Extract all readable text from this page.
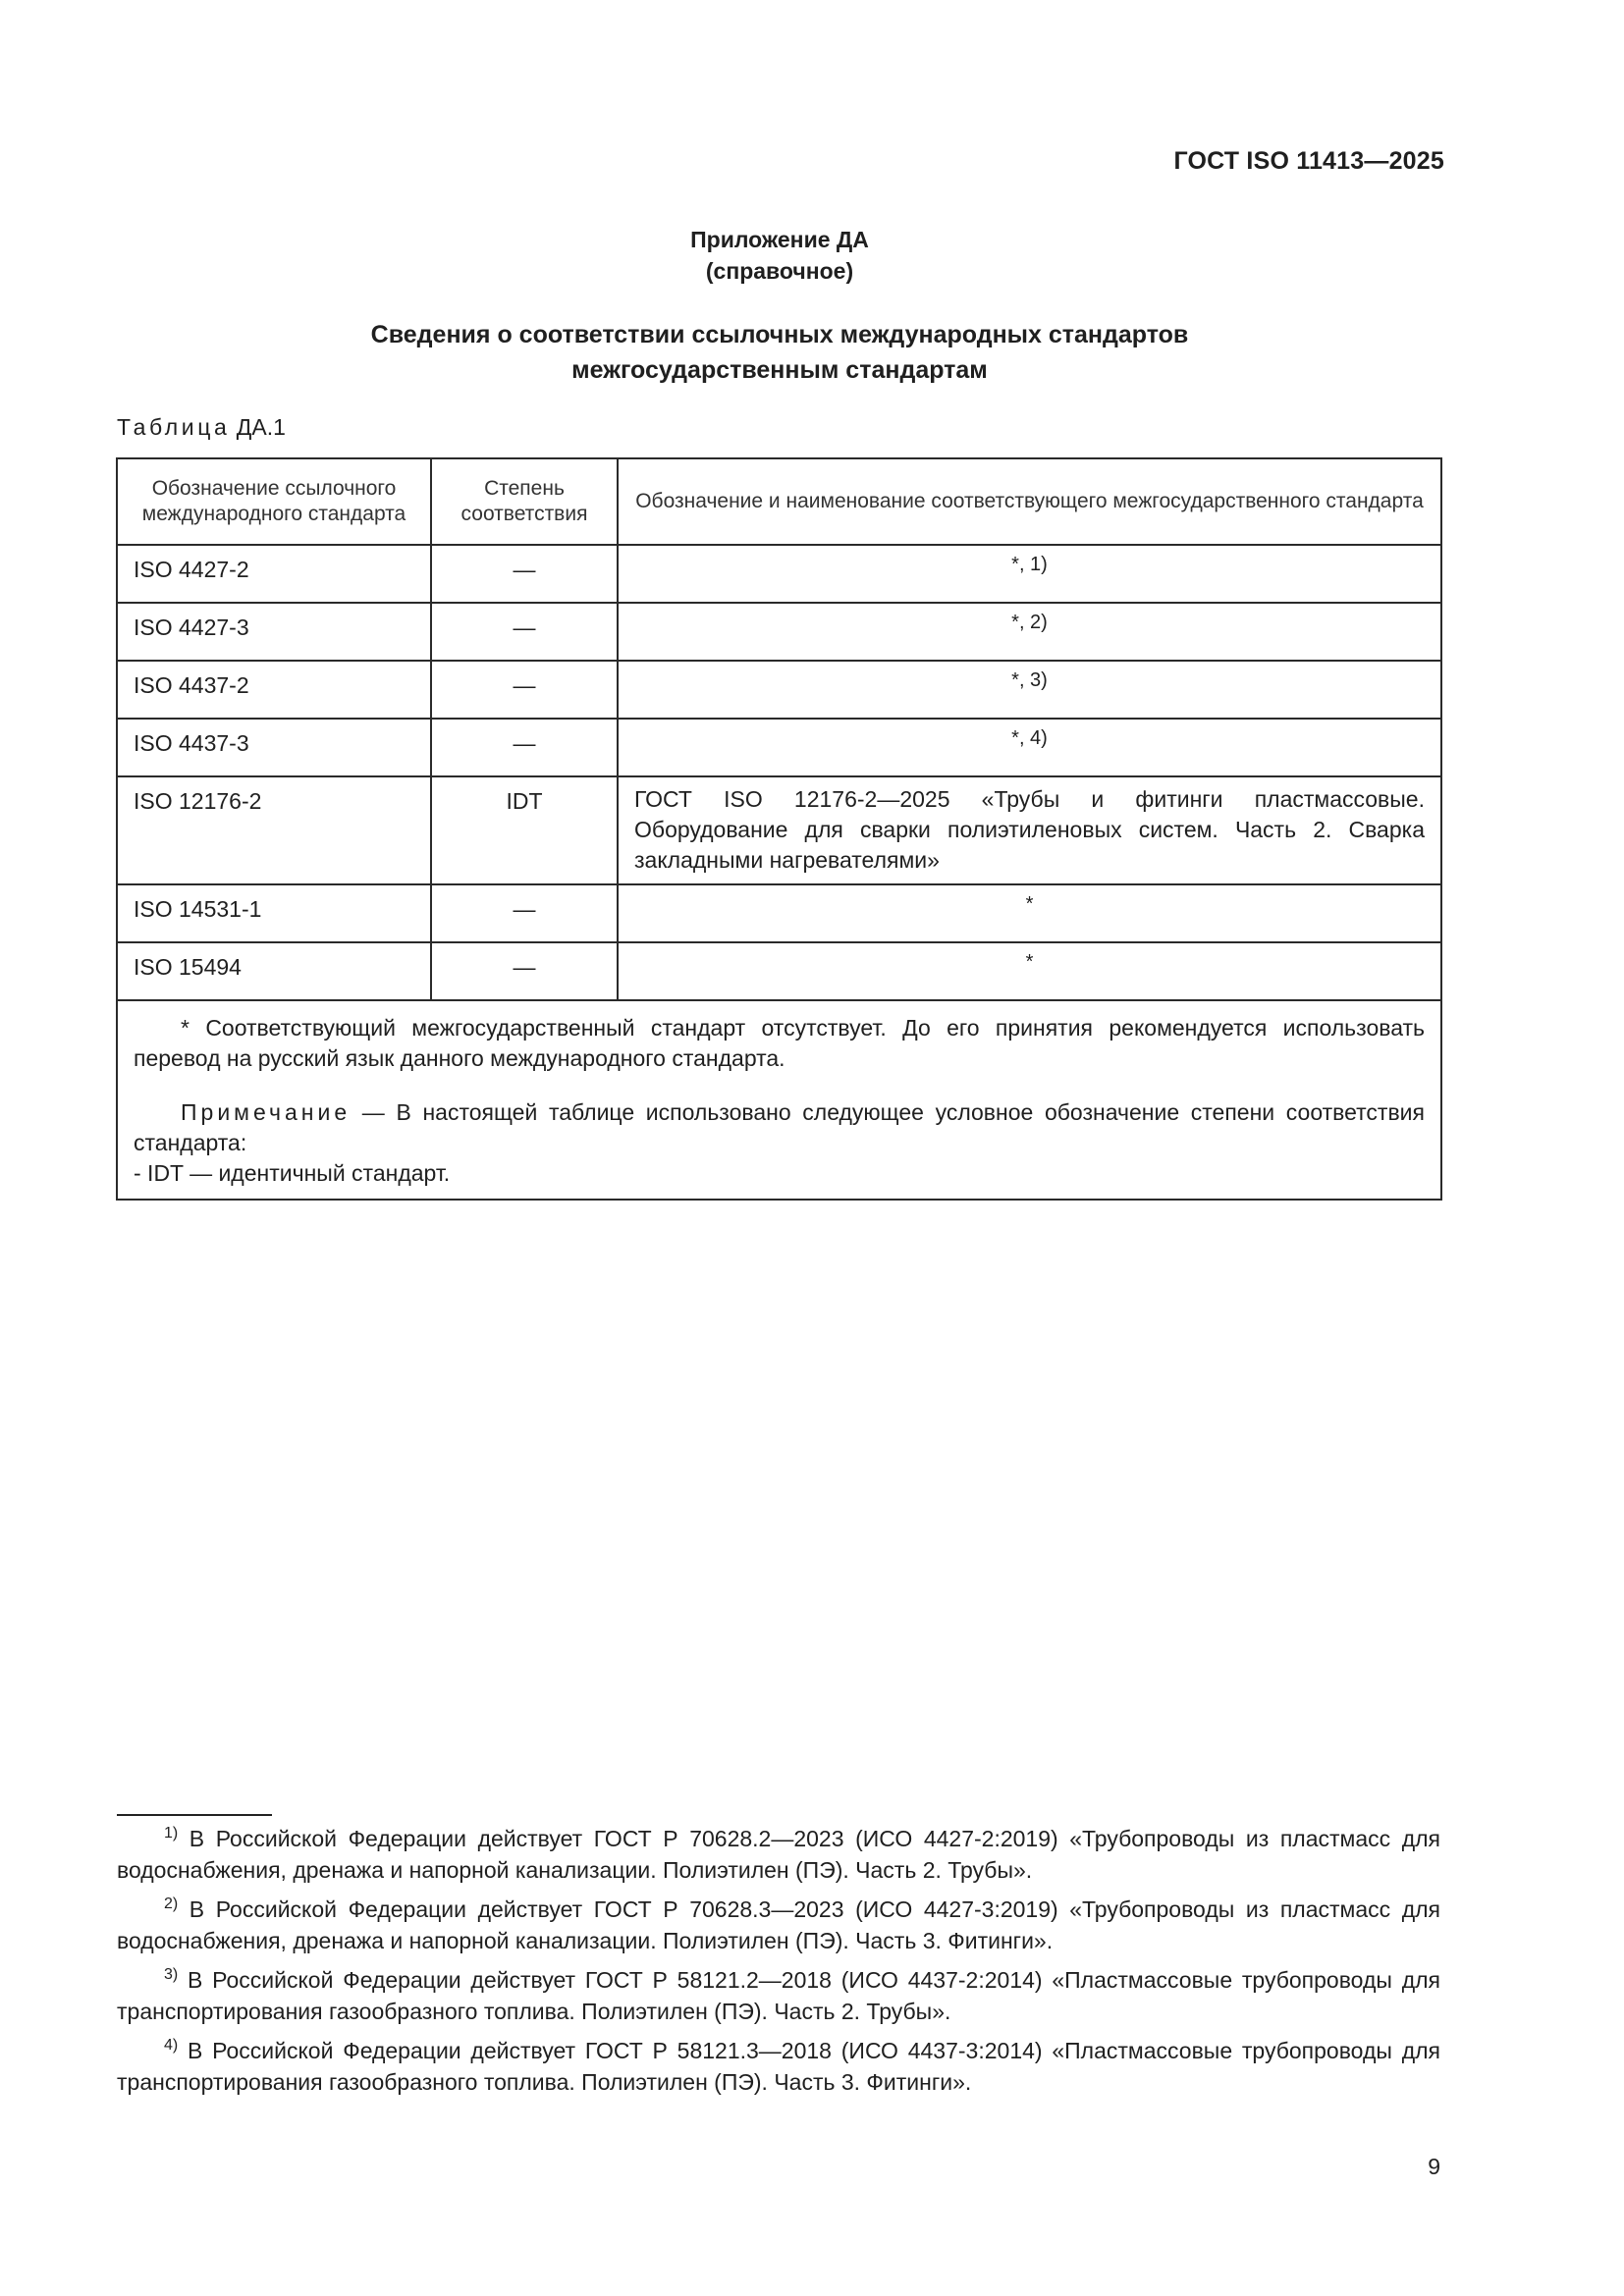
ГОСТ ISO 11413—2025
Приложение ДА
(справочное)
Сведения о соответствии ссылочных международных стандартов
межгосударственным стандартам
Таблица ДА.1
Обозначение ссылочного международного стандарта	Степень соответствия	Обозначение и наименование соответствующего межгосударственного стандарта

ISO 4427-2	—	*, 1)
ISO 4427-3	—	*, 2)
ISO 4437-2	—	*, 3)
ISO 4437-3	—	*, 4)
ISO 12176-2	IDT	ГОСТ ISO 12176-2—2025 «Трубы и фитинги пластмассовые. Оборудование для сварки полиэтиленовых систем. Часть 2. Сварка закладными нагревателями»
ISO 14531-1	—	*
ISO 15494	—	*

* Соответствующий межгосударственный стандарт отсутствует. До его принятия рекомендуется использовать перевод на русский язык данного международного стандарта.

Примечание — В настоящей таблице использовано следующее условное обозначение степени соответствия стандарта:

- IDT — идентичный стандарт.		

$^{1)}$ В Российской Федерации действует ГОСТ Р 70628.2—2023 (ИСО 4427-2:2019) «Трубопроводы из пластмасс для водоснабжения, дренажа и напорной канализации. Полиэтилен (ПЭ). Часть 2. Трубы».

$^{2)}$ В Российской Федерации действует ГОСТ Р 70628.3—2023 (ИСО 4427-3:2019) «Трубопроводы из пластмасс для водоснабжения, дренажа и напорной канализации. Полиэтилен (ПЭ). Часть 3. Фитинги».

$^{3)}$ В Российской Федерации действует ГОСТ Р 58121.2—2018 (ИСО 4437-2:2014) «Пластмассовые трубопроводы для транспортирования газообразного топлива. Полиэтилен (ПЭ). Часть 2. Трубы».

$^{4)}$ В Российской Федерации действует ГОСТ Р 58121.3—2018 (ИСО 4437-3:2014) «Пластмассовые трубопроводы для транспортирования газообразного топлива. Полиэтилен (ПЭ). Часть 3. Фитинги».

9
